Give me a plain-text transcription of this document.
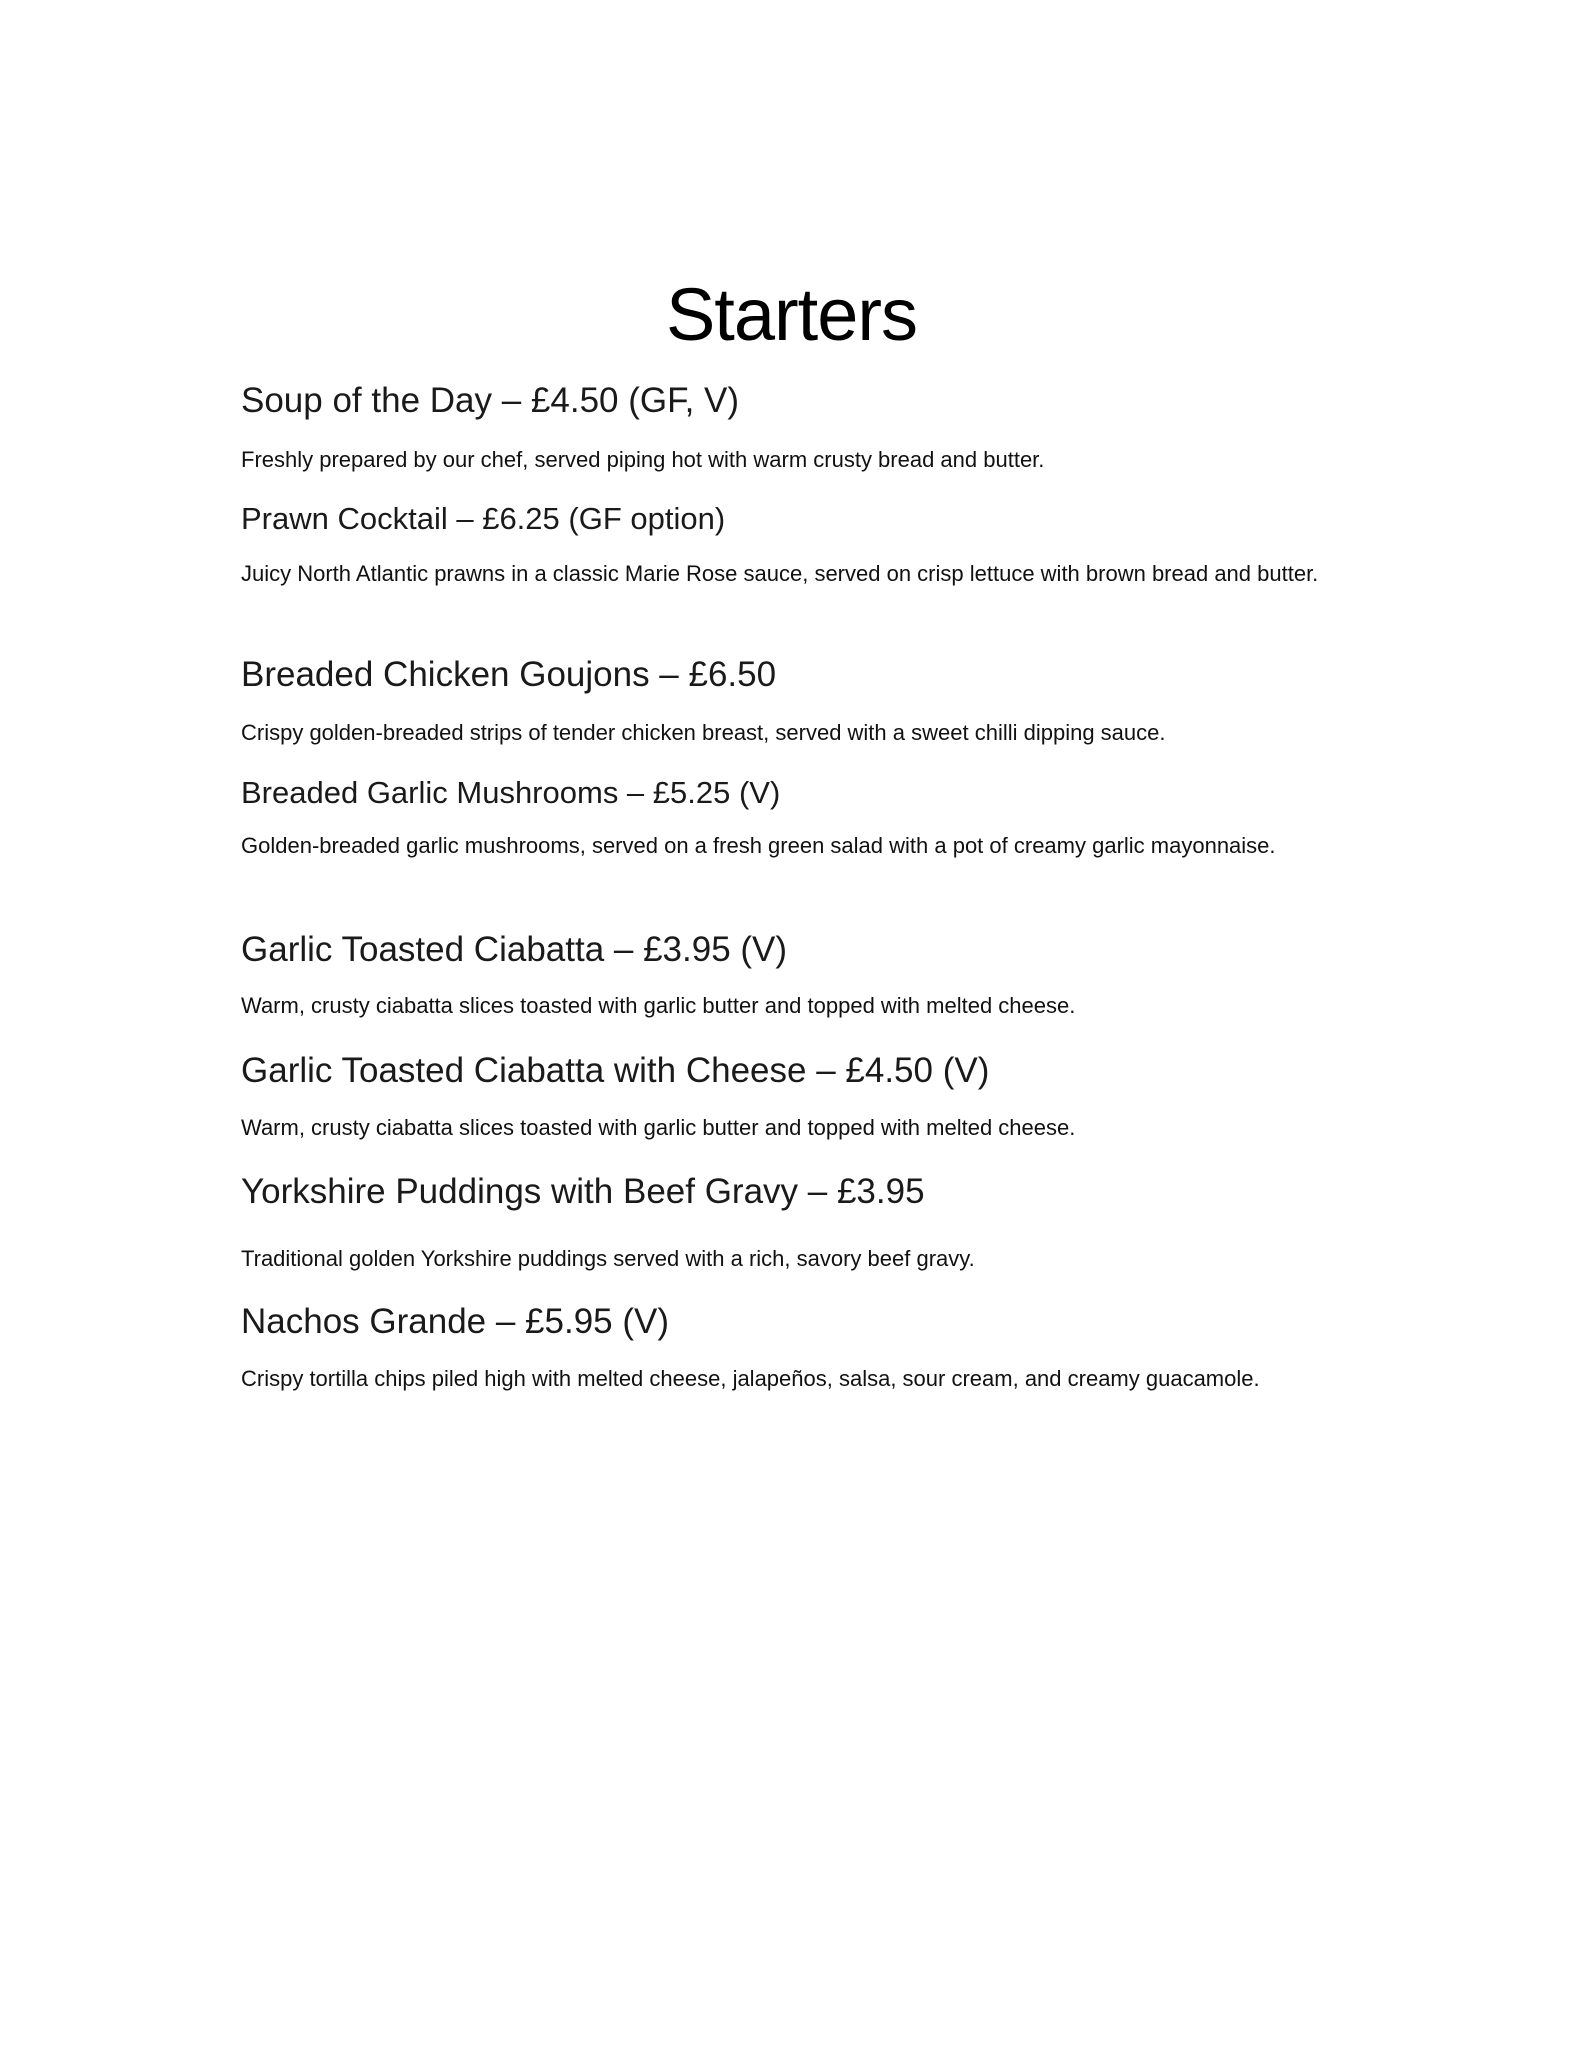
Starters
Soup of the Day – £4.50 (GF, V)
Freshly prepared by our chef, served piping hot with warm crusty bread and butter.
Prawn Cocktail – £6.25 (GF option)
Juicy North Atlantic prawns in a classic Marie Rose sauce, served on crisp lettuce with brown bread and butter.
Breaded Chicken Goujons – £6.50
Crispy golden-breaded strips of tender chicken breast, served with a sweet chilli dipping sauce.
Breaded Garlic Mushrooms – £5.25 (V)
Golden-breaded garlic mushrooms, served on a fresh green salad with a pot of creamy garlic mayonnaise.
Garlic Toasted Ciabatta – £3.95 (V)
Warm, crusty ciabatta slices toasted with garlic butter and topped with melted cheese.
Garlic Toasted Ciabatta with Cheese – £4.50 (V)
Warm, crusty ciabatta slices toasted with garlic butter and topped with melted cheese.
Yorkshire Puddings with Beef Gravy – £3.95
Traditional golden Yorkshire puddings served with a rich, savory beef gravy.
Nachos Grande – £5.95 (V)
Crispy tortilla chips piled high with melted cheese, jalapeños, salsa, sour cream, and creamy guacamole.
